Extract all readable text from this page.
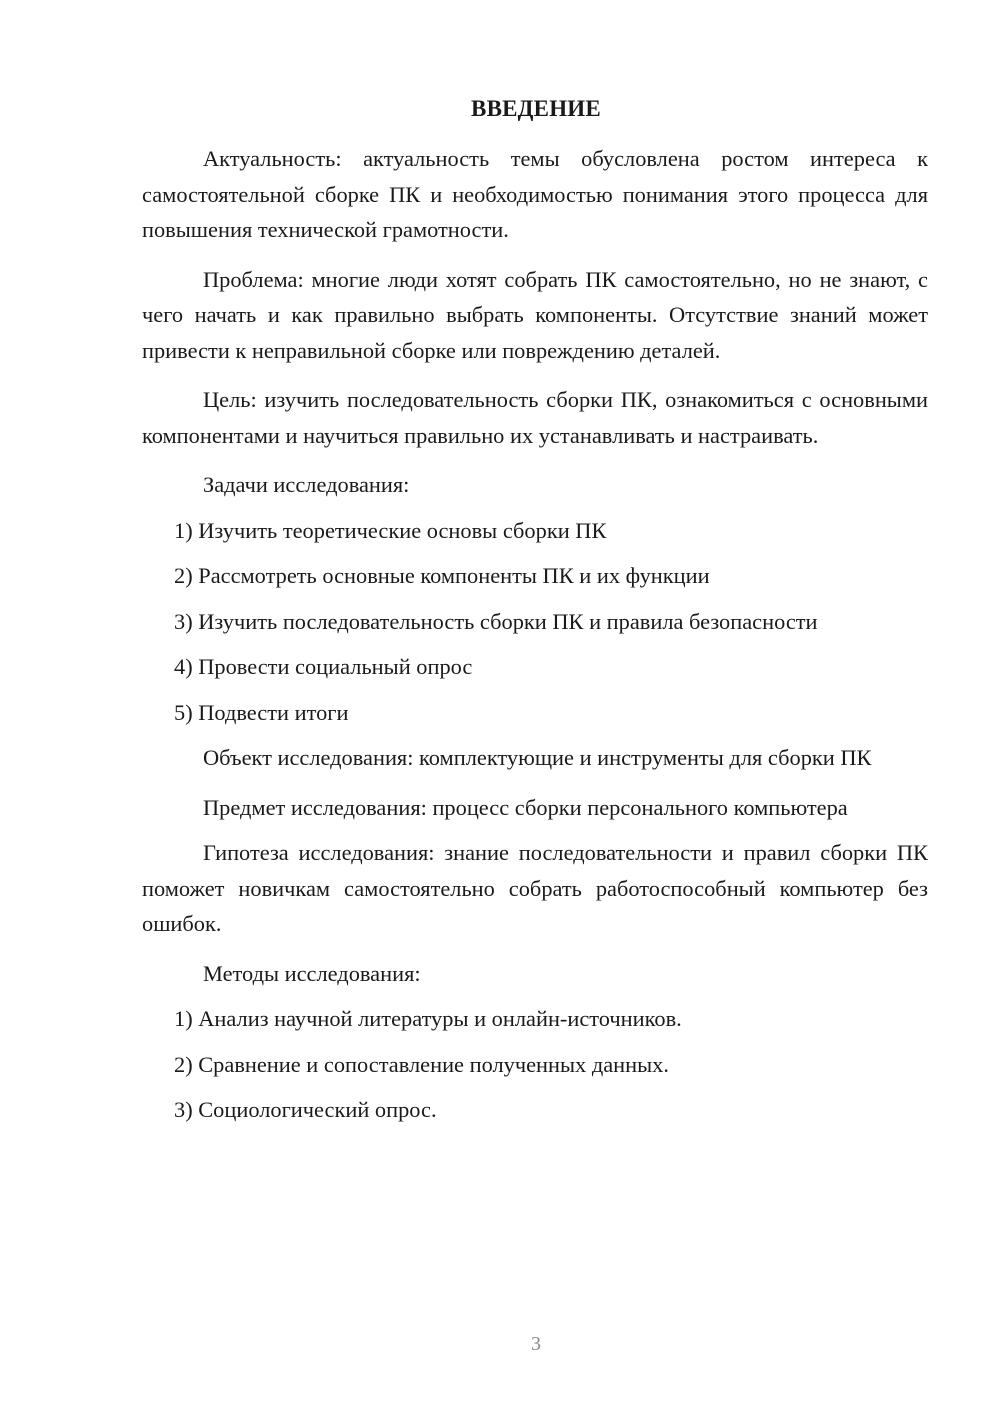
ВВЕДЕНИЕ

Актуальность: актуальность темы обусловлена ростом интереса к самостоятельной сборке ПК и необходимостью понимания этого процесса для повышения технической грамотности.

Проблема: многие люди хотят собрать ПК самостоятельно, но не знают, с чего начать и как правильно выбрать компоненты. Отсутствие знаний может привести к неправильной сборке или повреждению деталей.

Цель: изучить последовательность сборки ПК, ознакомиться с основными компонентами и научиться правильно их устанавливать и настраивать.

Задачи исследования:

1) Изучить теоретические основы сборки ПК

2) Рассмотреть основные компоненты ПК и их функции

3) Изучить последовательность сборки ПК и правила безопасности

4) Провести социальный опрос

5) Подвести итоги

Объект исследования: комплектующие и инструменты для сборки ПК

Предмет исследования: процесс сборки персонального компьютера

Гипотеза исследования: знание последовательности и правил сборки ПК поможет новичкам самостоятельно собрать работоспособный компьютер без ошибок.

Методы исследования:

1) Анализ научной литературы и онлайн-источников.

2) Сравнение и сопоставление полученных данных.

3) Социологический опрос.

3
